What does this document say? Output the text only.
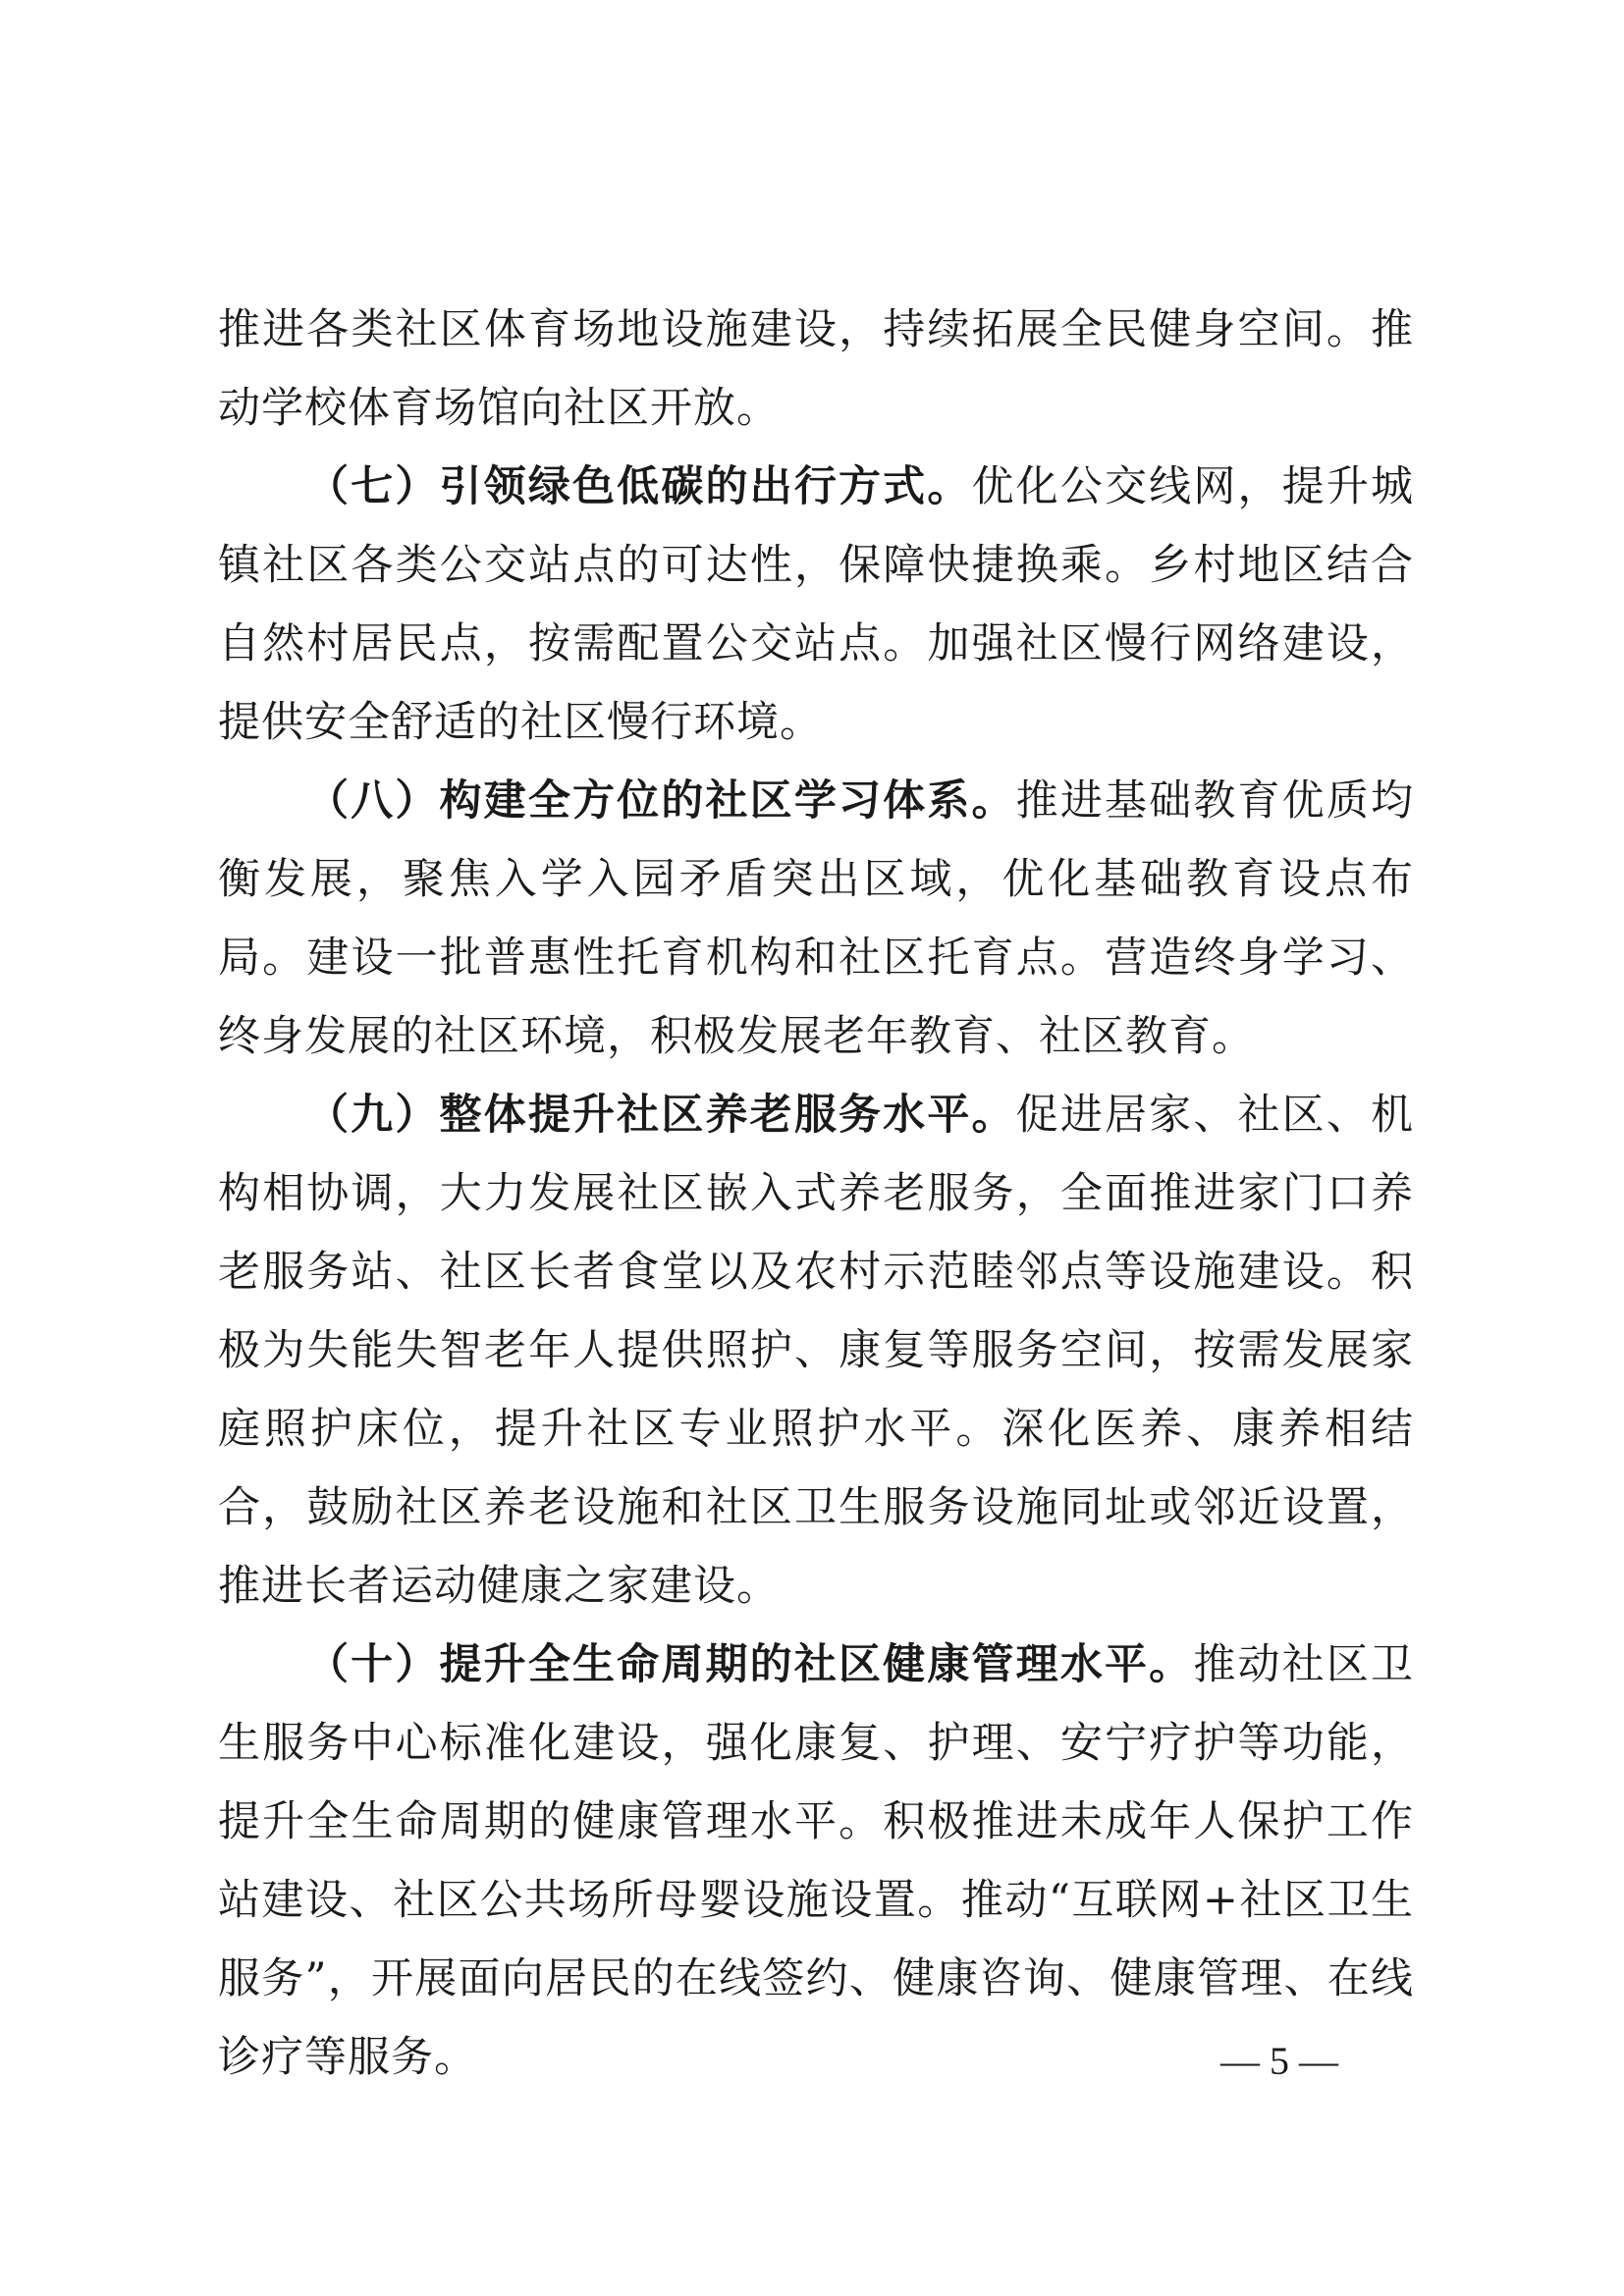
推进各类社区体育场地设施建设，持续拓展全民健身空间。推动学校体育场馆向社区开放。

（七）引领绿色低碳的出行方式。优化公交线网，提升城镇社区各类公交站点的可达性，保障快捷换乘。乡村地区结合自然村居民点，按需配置公交站点。加强社区慢行网络建设，提供安全舒适的社区慢行环境。

（八）构建全方位的社区学习体系。推进基础教育优质均衡发展，聚焦入学入园矛盾突出区域，优化基础教育设点布局。建设一批普惠性托育机构和社区托育点。营造终身学习、终身发展的社区环境，积极发展老年教育、社区教育。

（九）整体提升社区养老服务水平。促进居家、社区、机构相协调，大力发展社区嵌入式养老服务，全面推进家门口养老服务站、社区长者食堂以及农村示范睦邻点等设施建设。积极为失能失智老年人提供照护、康复等服务空间，按需发展家庭照护床位，提升社区专业照护水平。深化医养、康养相结合，鼓励社区养老设施和社区卫生服务设施同址或邻近设置，推进长者运动健康之家建设。

（十）提升全生命周期的社区健康管理水平。推动社区卫生服务中心标准化建设，强化康复、护理、安宁疗护等功能，提升全生命周期的健康管理水平。积极推进未成年人保护工作站建设、社区公共场所母婴设施设置。推动“互联网+社区卫生服务”，开展面向居民的在线签约、健康咨询、健康管理、在线诊疗等服务。	— 5 —
